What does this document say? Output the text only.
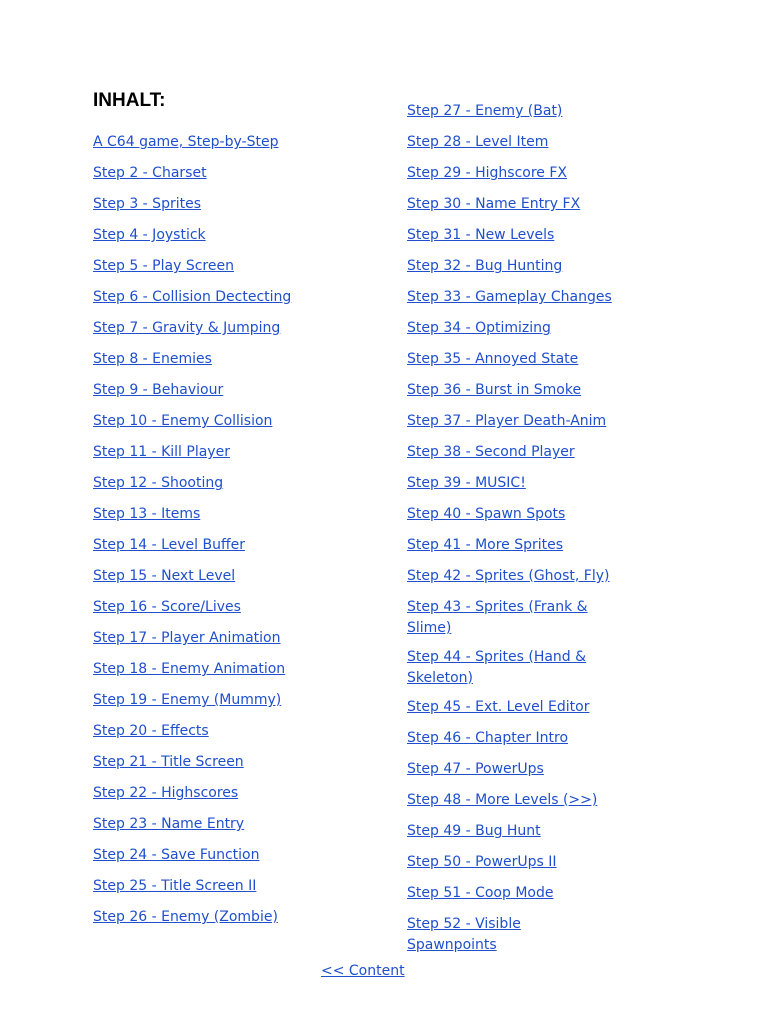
INHALT:
A C64 game, Step-by-Step
Step 2 - Charset
Step 3 - Sprites
Step 4 - Joystick
Step 5 - Play Screen
Step 6 - Collision Dectecting
Step 7 - Gravity & Jumping
Step 8 - Enemies
Step 9 - Behaviour
Step 10 - Enemy Collision
Step 11 - Kill Player
Step 12 - Shooting
Step 13 - Items
Step 14 - Level Buffer
Step 15 - Next Level
Step 16 - Score/Lives
Step 17 - Player Animation
Step 18 - Enemy Animation
Step 19 - Enemy (Mummy)
Step 20 - Effects
Step 21 - Title Screen
Step 22 - Highscores
Step 23 - Name Entry
Step 24 - Save Function
Step 25 - Title Screen II
Step 26 - Enemy (Zombie)
Step 27 - Enemy (Bat)
Step 28 - Level Item
Step 29 - Highscore FX
Step 30 - Name Entry FX
Step 31 - New Levels
Step 32 - Bug Hunting
Step 33 - Gameplay Changes
Step 34 - Optimizing
Step 35 - Annoyed State
Step 36 - Burst in Smoke
Step 37 - Player Death-Anim
Step 38 - Second Player
Step 39 - MUSIC!
Step 40 - Spawn Spots
Step 41 - More Sprites
Step 42 - Sprites (Ghost, Fly)
Step 43 - Sprites (Frank & Slime)
Step 44 - Sprites (Hand & Skeleton)
Step 45 - Ext. Level Editor
Step 46 - Chapter Intro
Step 47 - PowerUps
Step 48 - More Levels (>>)
Step 49 - Bug Hunt
Step 50 - PowerUps II
Step 51 - Coop Mode
Step 52 - Visible Spawnpoints
<< Content
